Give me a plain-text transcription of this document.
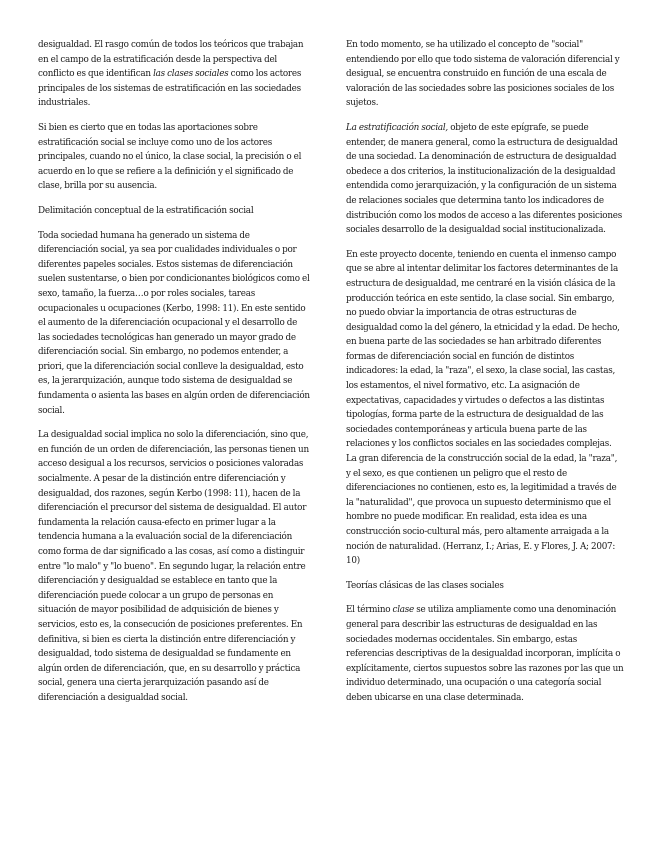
desigualdad. El rasgo común de todos los teóricos que trabajan en el campo de la estratificación desde la perspectiva del conflicto es que identifican las clases sociales como los actores principales de los sistemas de estratificación en las sociedades industriales.

Si bien es cierto que en todas las aportaciones sobre estratificación social se incluye como uno de los actores principales, cuando no el único, la clase social, la precisión o el acuerdo en lo que se refiere a la definición y el significado de clase, brilla por su ausencia.

Delimitación conceptual de la estratificación social

Toda sociedad humana ha generado un sistema de diferenciación social, ya sea por cualidades individuales o por diferentes papeles sociales. Estos sistemas de diferenciación suelen sustentarse, o bien por condicionantes biológicos como el sexo, tamaño, la fuerza…o por roles sociales, tareas ocupacionales u ocupaciones (Kerbo, 1998: 11). En este sentido el aumento de la diferenciación ocupacional y el desarrollo de las sociedades tecnológicas han generado un mayor grado de diferenciación social. Sin embargo, no podemos entender, a priori, que la diferenciación social conlleve la desigualdad, esto es, la jerarquización, aunque todo sistema de desigualdad se fundamenta o asienta las bases en algún orden de diferenciación social.

La desigualdad social implica no solo la diferenciación, sino que, en función de un orden de diferenciación, las personas tienen un acceso desigual a los recursos, servicios o posiciones valoradas socialmente. A pesar de la distinción entre diferenciación y desigualdad, dos razones, según Kerbo (1998: 11), hacen de la diferenciación el precursor del sistema de desigualdad. El autor fundamenta la relación causa-efecto en primer lugar a la tendencia humana a la evaluación social de la diferenciación como forma de dar significado a las cosas, así como a distinguir entre "lo malo" y "lo bueno". En segundo lugar, la relación entre diferenciación y desigualdad se establece en tanto que la diferenciación puede colocar a un grupo de personas en situación de mayor posibilidad de adquisición de bienes y servicios, esto es, la consecución de posiciones preferentes. En definitiva, si bien es cierta la distinción entre diferenciación y desigualdad, todo sistema de desigualdad se fundamente en algún orden de diferenciación, que, en su desarrollo y práctica social, genera una cierta jerarquización pasando así de diferenciación a desigualdad social.

En todo momento, se ha utilizado el concepto de "social" entendiendo por ello que todo sistema de valoración diferencial y desigual, se encuentra construido en función de una escala de valoración de las sociedades sobre las posiciones sociales de los sujetos.

La estratificación social, objeto de este epígrafe, se puede entender, de manera general, como la estructura de desigualdad de una sociedad. La denominación de estructura de desigualdad obedece a dos criterios, la institucionalización de la desigualdad entendida como jerarquización, y la configuración de un sistema de relaciones sociales que determina tanto los indicadores de distribución como los modos de acceso a las diferentes posiciones sociales desarrollo de la desigualdad social institucionalizada.

En este proyecto docente, teniendo en cuenta el inmenso campo que se abre al intentar delimitar los factores determinantes de la estructura de desigualdad, me centraré en la visión clásica de la producción teórica en este sentido, la clase social. Sin embargo, no puedo obviar la importancia de otras estructuras de desigualdad como la del género, la etnicidad y la edad. De hecho, en buena parte de las sociedades se han arbitrado diferentes formas de diferenciación social en función de distintos indicadores: la edad, la "raza", el sexo, la clase social, las castas, los estamentos, el nivel formativo, etc. La asignación de expectativas, capacidades y virtudes o defectos a las distintas tipologías, forma parte de la estructura de desigualdad de las sociedades contemporáneas y articula buena parte de las relaciones y los conflictos sociales en las sociedades complejas. La gran diferencia de la construcción social de la edad, la "raza", y el sexo, es que contienen un peligro que el resto de diferenciaciones no contienen, esto es, la legitimidad a través de la "naturalidad", que provoca un supuesto determinismo que el hombre no puede modificar. En realidad, esta idea es una construcción socio-cultural más, pero altamente arraigada a la noción de naturalidad. (Herranz, I.; Arias, E. y Flores, J. A; 2007: 10)

Teorías clásicas de las clases sociales

El término clase se utiliza ampliamente como una denominación general para describir las estructuras de desigualdad en las sociedades modernas occidentales. Sin embargo, estas referencias descriptivas de la desigualdad incorporan, implícita o explícitamente, ciertos supuestos sobre las razones por las que un individuo determinado, una ocupación o una categoría social deben ubicarse en una clase determinada.
